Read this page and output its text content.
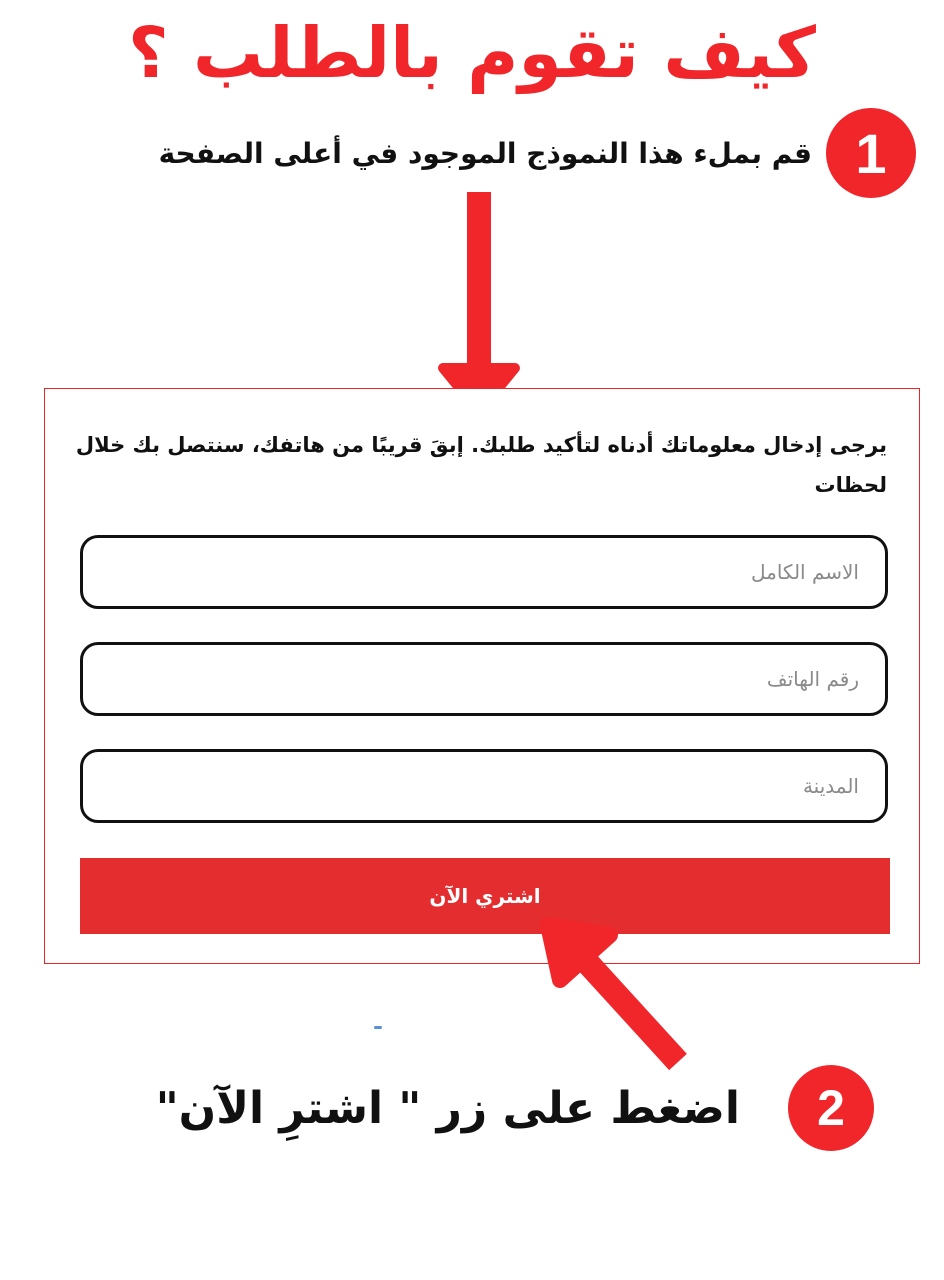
كيف تقوم بالطلب ؟
1
قم بملء هذا النموذج الموجود في أعلى الصفحة

يرجى إدخال معلوماتك أدناه لتأكيد طلبك. إبقَ قريبًا من هاتفك، سنتصل بك خلال لحظات

الاسم الكامل
رقم الهاتف
المدينة
اشتري الآن
2
اضغط على زر " اشترِ الآن"
